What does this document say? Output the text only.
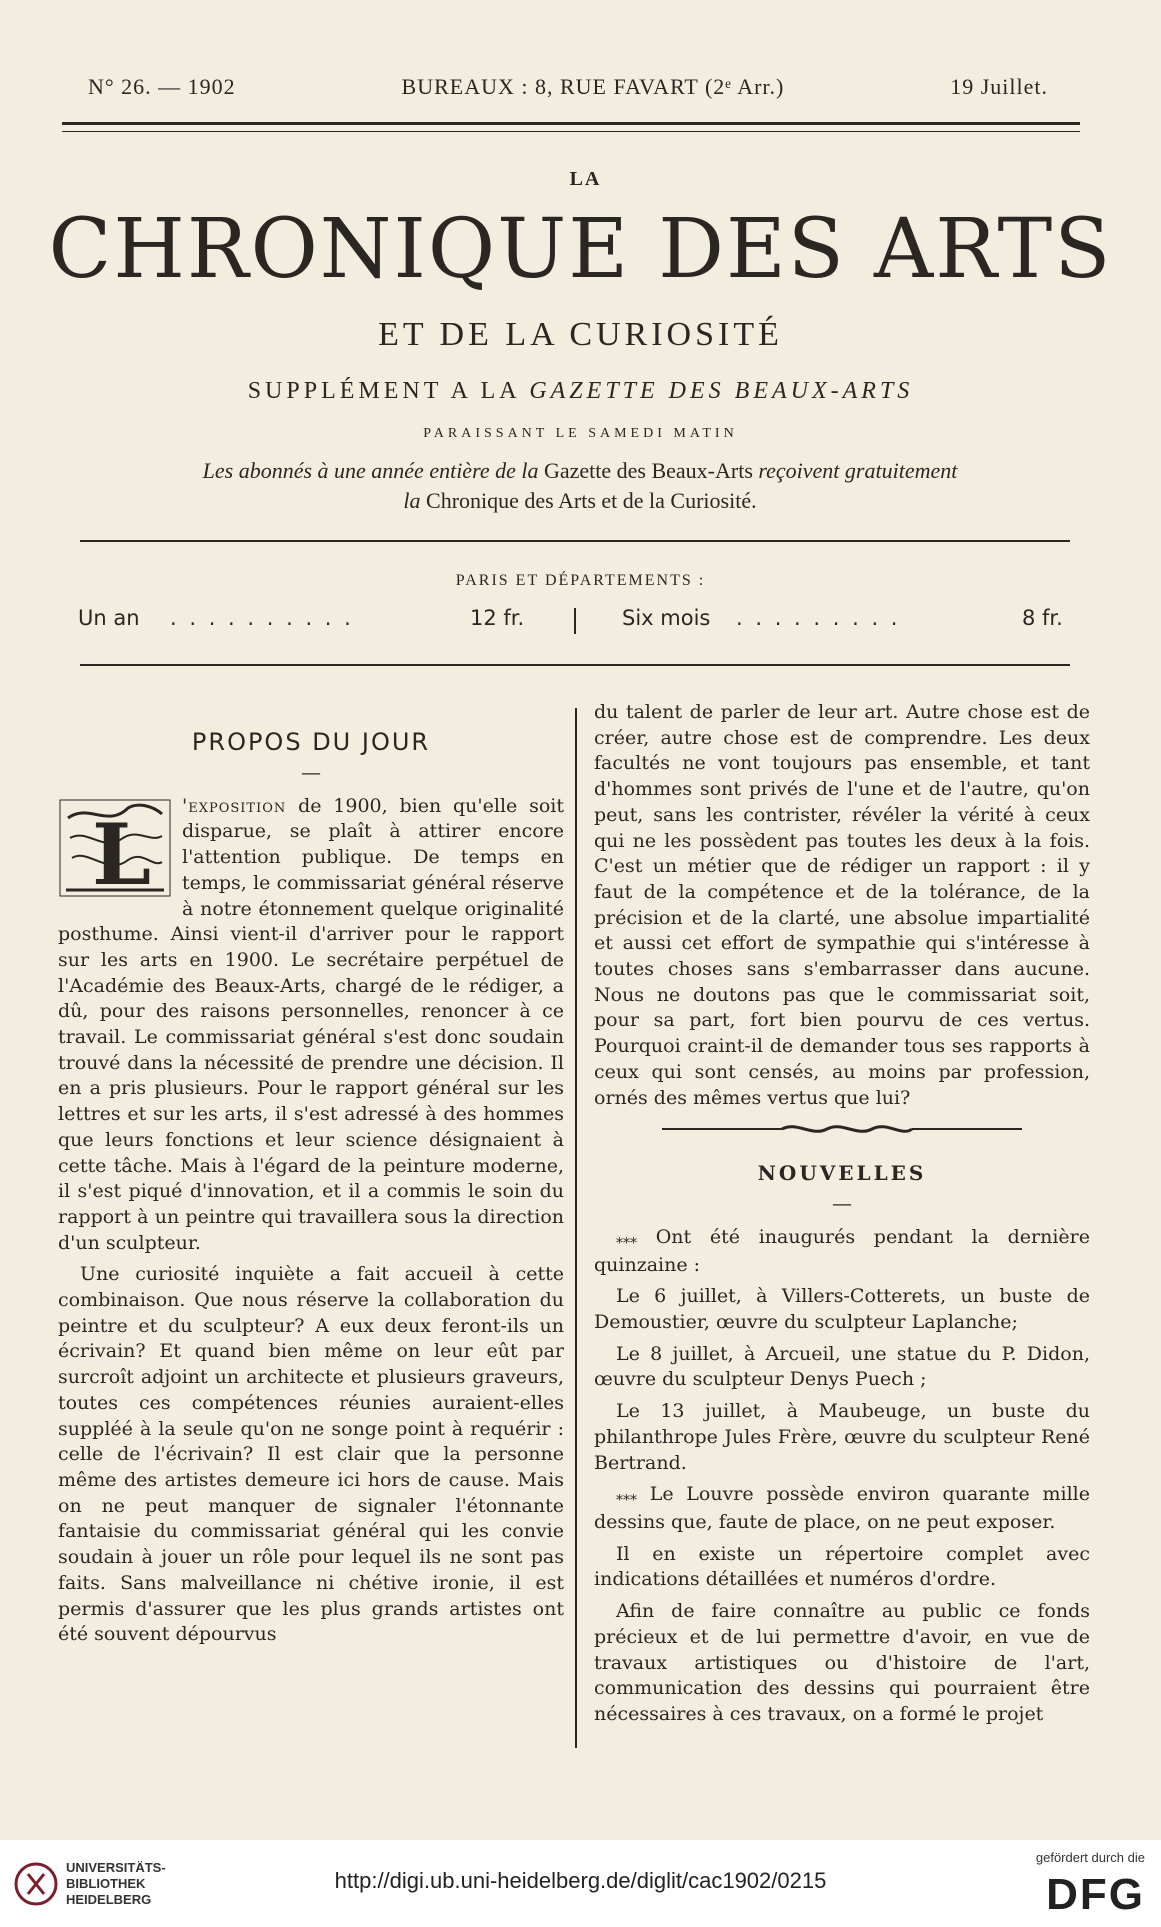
N° 26. — 1902	BUREAUX : 8, RUE FAVART (2ᵉ Arr.)	19 Juillet.
LA
CHRONIQUE DES ARTS
ET DE LA CURIOSITÉ
SUPPLÉMENT A LA GAZETTE DES BEAUX-ARTS
PARAISSANT LE SAMEDI MATIN
Les abonnés à une année entière de la Gazette des Beaux-Arts reçoivent gratuitement
la Chronique des Arts et de la Curiosité.
PARIS ET DÉPARTEMENTS :
Un an . . . . . . . . . .	12 fr.	Six mois . . . . . . . . .	8 fr.
PROPOS DU JOUR
—

L 'exposition de 1900, bien qu'elle soit disparue, se plaît à attirer encore l'attention publique. De temps en temps, le commissariat général réserve à notre étonnement quelque originalité posthume. Ainsi vient-il d'arriver pour le rapport sur les arts en 1900. Le secrétaire perpétuel de l'Académie des Beaux-Arts, chargé de le rédiger, a dû, pour des raisons personnelles, renoncer à ce travail. Le commissariat général s'est donc soudain trouvé dans la nécessité de prendre une décision. Il en a pris plusieurs. Pour le rapport général sur les lettres et sur les arts, il s'est adressé à des hommes que leurs fonctions et leur science désignaient à cette tâche. Mais à l'égard de la peinture moderne, il s'est piqué d'innovation, et il a commis le soin du rapport à un peintre qui travaillera sous la direction d'un sculpteur.

Une curiosité inquiète a fait accueil à cette combinaison. Que nous réserve la collaboration du peintre et du sculpteur? A eux deux feront-ils un écrivain? Et quand bien même on leur eût par surcroît adjoint un architecte et plusieurs graveurs, toutes ces compétences réunies auraient-elles suppléé à la seule qu'on ne songe point à requérir : celle de l'écrivain? Il est clair que la personne même des artistes demeure ici hors de cause. Mais on ne peut manquer de signaler l'étonnante fantaisie du commissariat général qui les convie soudain à jouer un rôle pour lequel ils ne sont pas faits. Sans malveillance ni chétive ironie, il est permis d'assurer que les plus grands artistes ont été souvent dépourvus

du talent de parler de leur art. Autre chose est de créer, autre chose est de comprendre. Les deux facultés ne vont toujours pas ensemble, et tant d'hommes sont privés de l'une et de l'autre, qu'on peut, sans les contrister, révéler la vérité à ceux qui ne les possèdent pas toutes les deux à la fois. C'est un métier que de rédiger un rapport : il y faut de la compétence et de la tolérance, de la précision et de la clarté, une absolue impartialité et aussi cet effort de sympathie qui s'intéresse à toutes choses sans s'embarrasser dans aucune. Nous ne doutons pas que le commissariat soit, pour sa part, fort bien pourvu de ces vertus. Pourquoi craint-il de demander tous ses rapports à ceux qui sont censés, au moins par profession, ornés des mêmes vertus que lui?

NOUVELLES
—

⁎⁎⁎ Ont été inaugurés pendant la dernière quinzaine :

Le 6 juillet, à Villers-Cotterets, un buste de Demoustier, œuvre du sculpteur Laplanche;

Le 8 juillet, à Arcueil, une statue du P. Didon, œuvre du sculpteur Denys Puech ;

Le 13 juillet, à Maubeuge, un buste du philanthrope Jules Frère, œuvre du sculpteur René Bertrand.

⁎⁎⁎ Le Louvre possède environ quarante mille dessins que, faute de place, on ne peut exposer.

Il en existe un répertoire complet avec indications détaillées et numéros d'ordre.

Afin de faire connaître au public ce fonds précieux et de lui permettre d'avoir, en vue de travaux artistiques ou d'histoire de l'art, communication des dessins qui pourraient être nécessaires à ces travaux, on a formé le projet

UNIVERSITÄTS-
BIBLIOTHEK
HEIDELBERG
http://digi.ub.uni-heidelberg.de/diglit/cac1902/0215
gefördert durch die
DFG
